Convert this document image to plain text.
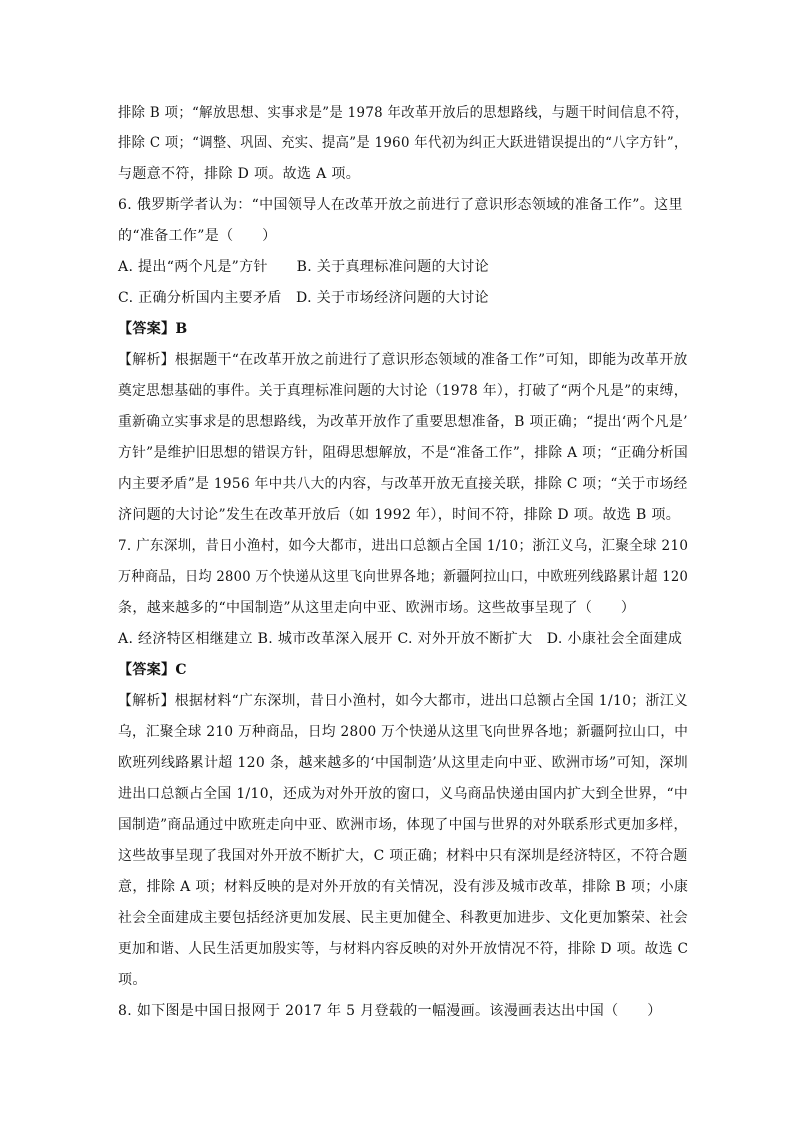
排除 B 项；“解放思想、实事求是”是 1978 年改革开放后的思想路线，与题干时间信息不符，
排除 C 项；“调整、巩固、充实、提高”是 1960 年代初为纠正大跃进错误提出的“八字方针”，
与题意不符，排除 D 项。故选 A 项。
6. 俄罗斯学者认为：“中国领导人在改革开放之前进行了意识形态领域的准备工作”。这里
的“准备工作”是（　　）
A. 提出“两个凡是”方针　　B. 关于真理标准问题的大讨论
C. 正确分析国内主要矛盾　D. 关于市场经济问题的大讨论
【答案】B
【解析】根据题干“在改革开放之前进行了意识形态领域的准备工作”可知，即能为改革开放
奠定思想基础的事件。关于真理标准问题的大讨论（1978 年），打破了“两个凡是”的束缚，
重新确立实事求是的思想路线，为改革开放作了重要思想准备，B 项正确；“提出‘两个凡是’
方针”是维护旧思想的错误方针，阻碍思想解放，不是“准备工作”，排除 A 项；“正确分析国
内主要矛盾”是 1956 年中共八大的内容，与改革开放无直接关联，排除 C 项；“关于市场经
济问题的大讨论”发生在改革开放后（如 1992 年），时间不符，排除 D 项。故选 B 项。
7. 广东深圳，昔日小渔村，如今大都市，进出口总额占全国 1/10；浙江义乌，汇聚全球 210
万种商品，日均 2800 万个快递从这里飞向世界各地；新疆阿拉山口，中欧班列线路累计超 120
条，越来越多的“中国制造”从这里走向中亚、欧洲市场。这些故事呈现了（　　）
A. 经济特区相继建立 B. 城市改革深入展开 C. 对外开放不断扩大　D. 小康社会全面建成
【答案】C
【解析】根据材料“广东深圳，昔日小渔村，如今大都市，进出口总额占全国 1/10；浙江义
乌，汇聚全球 210 万种商品，日均 2800 万个快递从这里飞向世界各地；新疆阿拉山口，中
欧班列线路累计超 120 条，越来越多的‘中国制造’从这里走向中亚、欧洲市场”可知，深圳
进出口总额占全国 1/10，还成为对外开放的窗口，义乌商品快递由国内扩大到全世界，“中
国制造”商品通过中欧班走向中亚、欧洲市场，体现了中国与世界的对外联系形式更加多样，
这些故事呈现了我国对外开放不断扩大，C 项正确；材料中只有深圳是经济特区，不符合题
意，排除 A 项；材料反映的是对外开放的有关情况，没有涉及城市改革，排除 B 项；小康
社会全面建成主要包括经济更加发展、民主更加健全、科教更加进步、文化更加繁荣、社会
更加和谐、人民生活更加殷实等，与材料内容反映的对外开放情况不符，排除 D 项。故选 C
项。
8. 如下图是中国日报网于 2017 年 5 月登载的一幅漫画。该漫画表达出中国（　　）
